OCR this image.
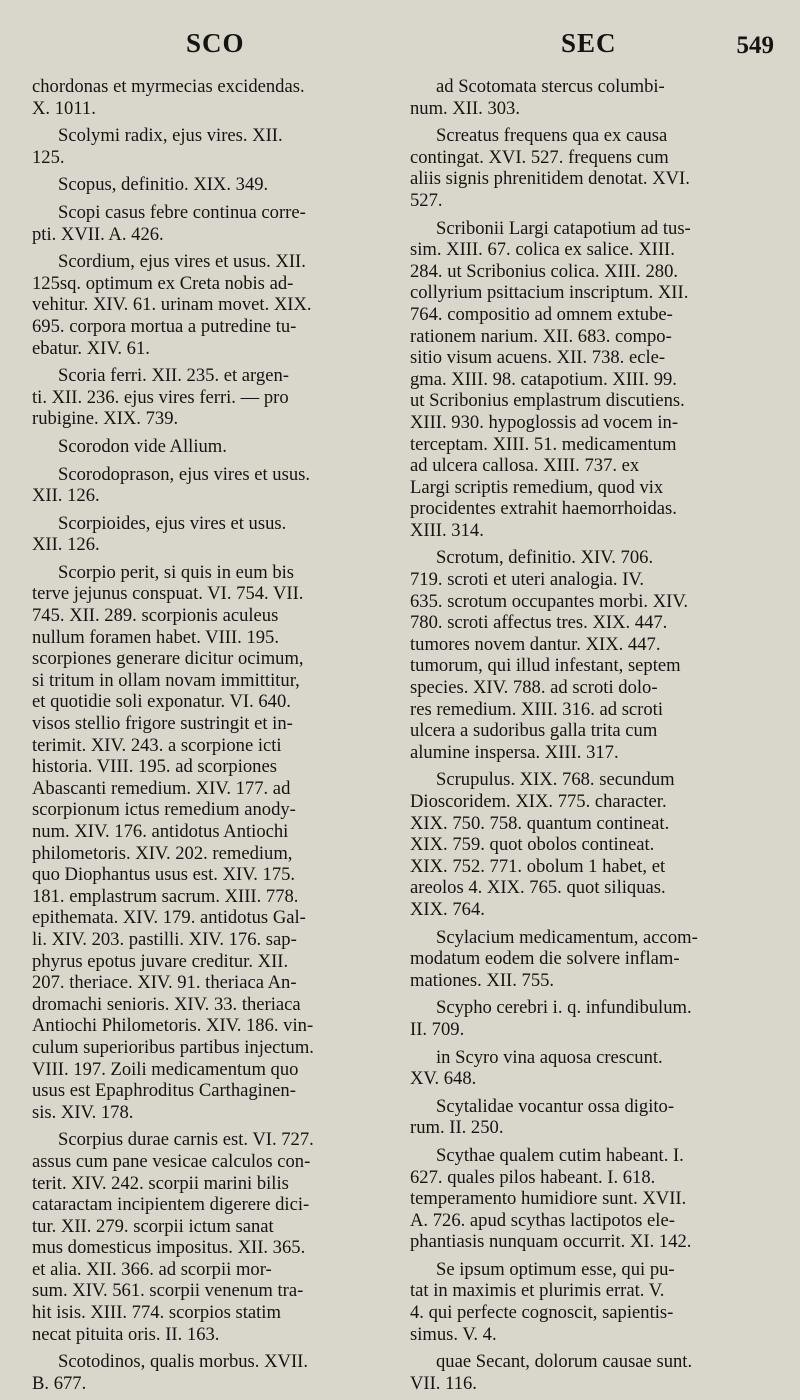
SCO	SEC	549
chordonas et myrmecias excidendas.
X. 1011.
Scolymi radix, ejus vires. XII.
125.
Scopus, definitio. XIX. 349.
Scopi casus febre continua corre-
pti. XVII. A. 426.
Scordium, ejus vires et usus. XII.
125sq. optimum ex Creta nobis ad-
vehitur. XIV. 61. urinam movet. XIX.
695. corpora mortua a putredine tu-
ebatur. XIV. 61.
Scoria ferri. XII. 235. et argen-
ti. XII. 236. ejus vires ferri. — pro
rubigine. XIX. 739.
Scorodon vide Allium.
Scorodoprason, ejus vires et usus.
XII. 126.
Scorpioides, ejus vires et usus.
XII. 126.
Scorpio perit, si quis in eum bis
terve jejunus conspuat. VI. 754. VII.
745. XII. 289. scorpionis aculeus
nullum foramen habet. VIII. 195.
scorpiones generare dicitur ocimum,
si tritum in ollam novam immittitur,
et quotidie soli exponatur. VI. 640.
visos stellio frigore sustringit et in-
terimit. XIV. 243. a scorpione icti
historia. VIII. 195. ad scorpiones
Abascanti remedium. XIV. 177. ad
scorpionum ictus remedium anody-
num. XIV. 176. antidotus Antiochi
philometoris. XIV. 202. remedium,
quo Diophantus usus est. XIV. 175.
181. emplastrum sacrum. XIII. 778.
epithemata. XIV. 179. antidotus Gal-
li. XIV. 203. pastilli. XIV. 176. sap-
phyrus epotus juvare creditur. XII.
207. theriace. XIV. 91. theriaca An-
dromachi senioris. XIV. 33. theriaca
Antiochi Philometoris. XIV. 186. vin-
culum superioribus partibus injectum.
VIII. 197. Zoili medicamentum quo
usus est Epaphroditus Carthaginen-
sis. XIV. 178.
Scorpius durae carnis est. VI. 727.
assus cum pane vesicae calculos con-
terit. XIV. 242. scorpii marini bilis
cataractam incipientem digerere dici-
tur. XII. 279. scorpii ictum sanat
mus domesticus impositus. XII. 365.
et alia. XII. 366. ad scorpii mor-
sum. XIV. 561. scorpii venenum tra-
hit isis. XIII. 774. scorpios statim
necat pituita oris. II. 163.
Scotodinos, qualis morbus. XVII.
B. 677.
ad Scotomata stercus columbi-
num. XII. 303.
Screatus frequens qua ex causa
contingat. XVI. 527. frequens cum
aliis signis phrenitidem denotat. XVI.
527.
Scribonii Largi catapotium ad tus-
sim. XIII. 67. colica ex salice. XIII.
284. ut Scribonius colica. XIII. 280.
collyrium psittacium inscriptum. XII.
764. compositio ad omnem extube-
rationem narium. XII. 683. compo-
sitio visum acuens. XII. 738. ecle-
gma. XIII. 98. catapotium. XIII. 99.
ut Scribonius emplastrum discutiens.
XIII. 930. hypoglossis ad vocem in-
terceptam. XIII. 51. medicamentum
ad ulcera callosa. XIII. 737. ex
Largi scriptis remedium, quod vix
procidentes extrahit haemorrhoidas.
XIII. 314.
Scrotum, definitio. XIV. 706.
719. scroti et uteri analogia. IV.
635. scrotum occupantes morbi. XIV.
780. scroti affectus tres. XIX. 447.
tumores novem dantur. XIX. 447.
tumorum, qui illud infestant, septem
species. XIV. 788. ad scroti dolo-
res remedium. XIII. 316. ad scroti
ulcera a sudoribus galla trita cum
alumine inspersa. XIII. 317.
Scrupulus. XIX. 768. secundum
Dioscoridem. XIX. 775. character.
XIX. 750. 758. quantum contineat.
XIX. 759. quot obolos contineat.
XIX. 752. 771. obolum 1 habet, et
areolos 4. XIX. 765. quot siliquas.
XIX. 764.
Scylacium medicamentum, accom-
modatum eodem die solvere inflam-
mationes. XII. 755.
Scypho cerebri i. q. infundibulum.
II. 709.
in Scyro vina aquosa crescunt.
XV. 648.
Scytalidae vocantur ossa digito-
rum. II. 250.
Scythae qualem cutim habeant. I.
627. quales pilos habeant. I. 618.
temperamento humidiore sunt. XVII.
A. 726. apud scythas lactipotos ele-
phantiasis nunquam occurrit. XI. 142.
Se ipsum optimum esse, qui pu-
tat in maximis et plurimis errat. V.
4. qui perfecte cognoscit, sapientis-
simus. V. 4.
quae Secant, dolorum causae sunt.
VII. 116.
